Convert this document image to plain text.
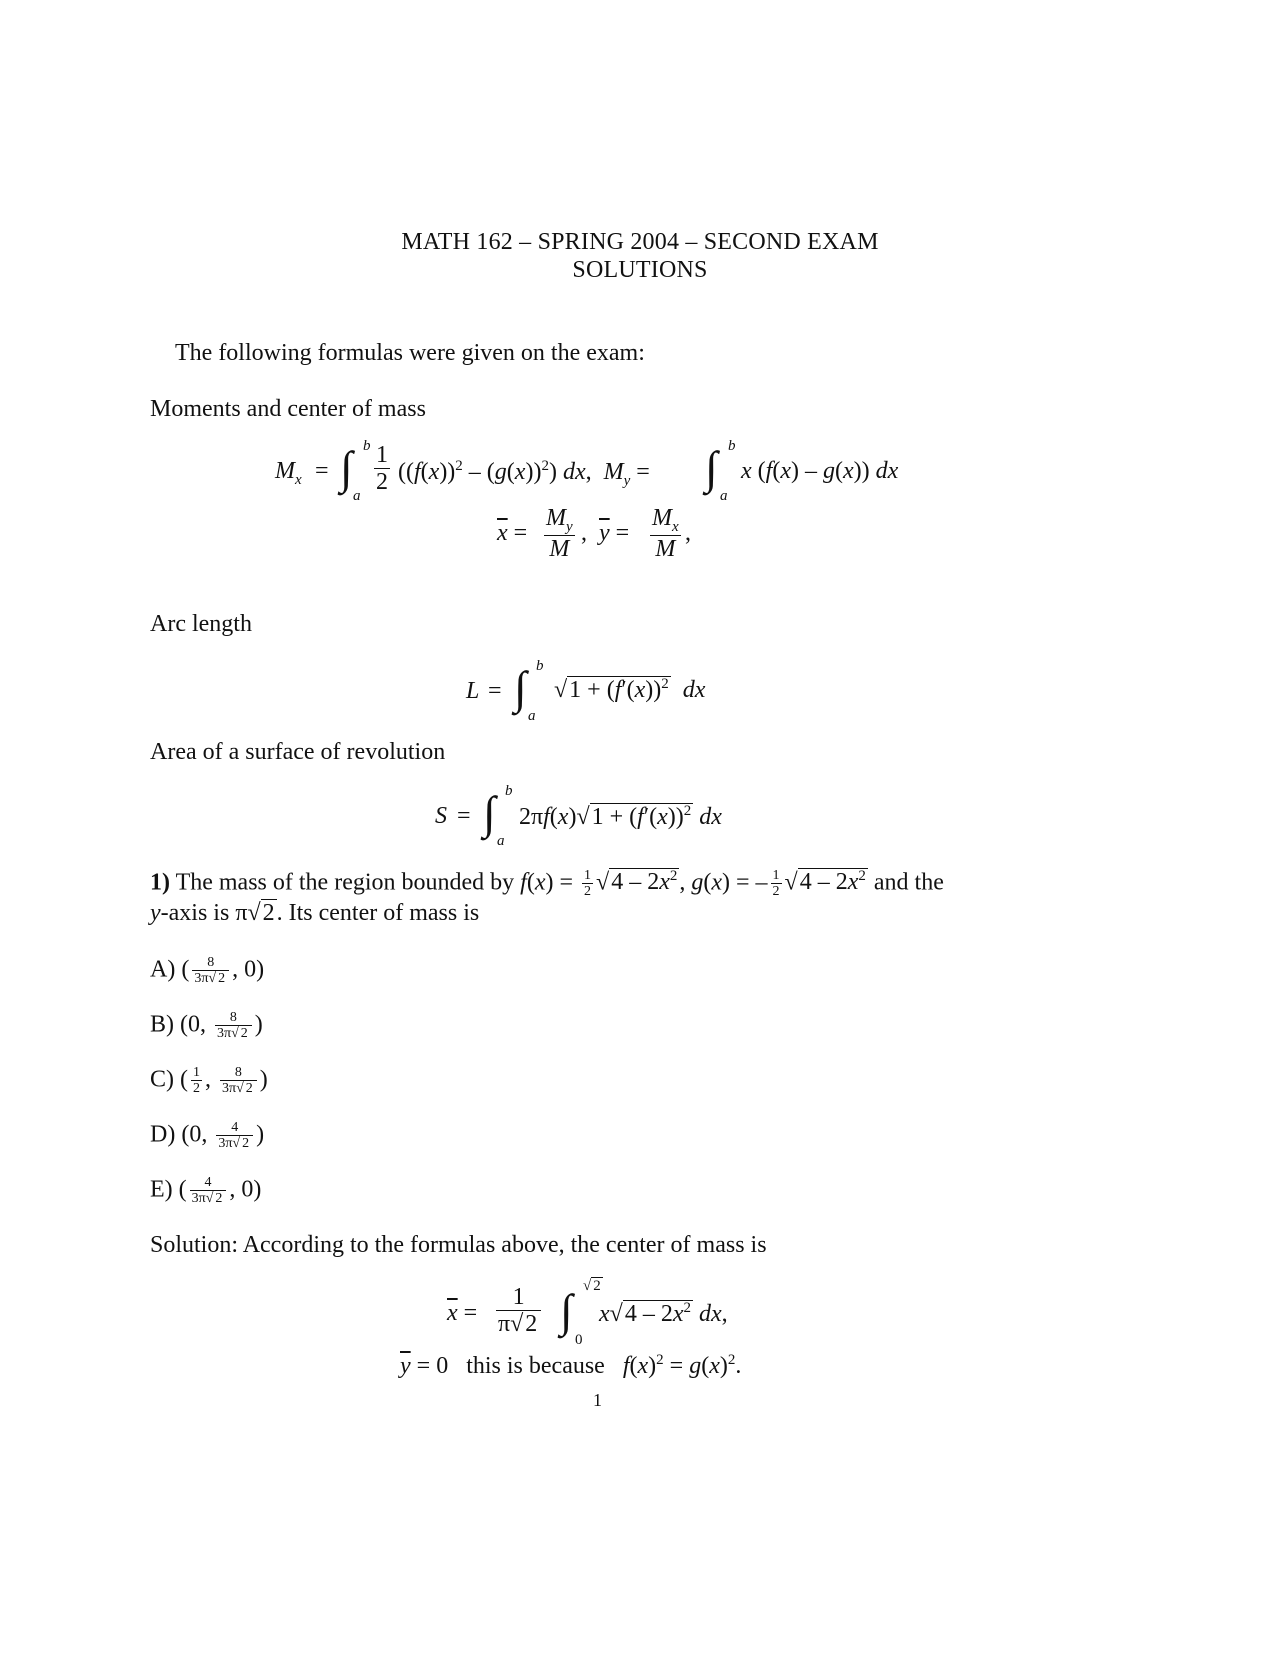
MATH 162 – SPRING 2004 – SECOND EXAM
SOLUTIONS
The following formulas were given on the exam:
Moments and center of mass
$M_x$ = ∫ b
a
$\frac{1}{2} ((f(x))^2 - (g(x))^2)$ dx,  $M_y$ = ∫ b
a
x (f(x) – g(x)) dx
$\overline{x} = \frac{M_y}{M}$ ,  $\overline{y} = \frac{M_x}{M}$ ,
Arc length
L = ∫ b
a
$√1 + (f'(x))^2$ dx
Area of a surface of revolution
S = ∫ b
a
$2\pi f(x)√1 + (f'(x))^2$ dx
1) The mass of the region bounded by $f(x) = \frac{1}{2} √4 - 2x^2$, g(x) = – $\frac{1}{2} √4 - 2x^2$ and the
y-axis is π√2. Its center of mass is
A) ( $\frac{8}{3\pi√ 2}$ , 0)
B) (0, $\frac{8}{3\pi√ 2}$ )
C) ( $\frac{1}{2}$ , $\frac{8}{3\pi√ 2}$ )
D) (0, $\frac{4}{3\pi√ 2}$ )
E) ( $\frac{4}{3\pi√ 2}$ , 0)
Solution: According to the formulas above, the center of mass is
$\overline{x} = \frac{1}{\pi√2}$ ∫ √ 2
0
$x√4 - 2x^2$ dx,
$\overline{y} = 0$   this is because $f(x)^2 = g(x)^2$.
1
